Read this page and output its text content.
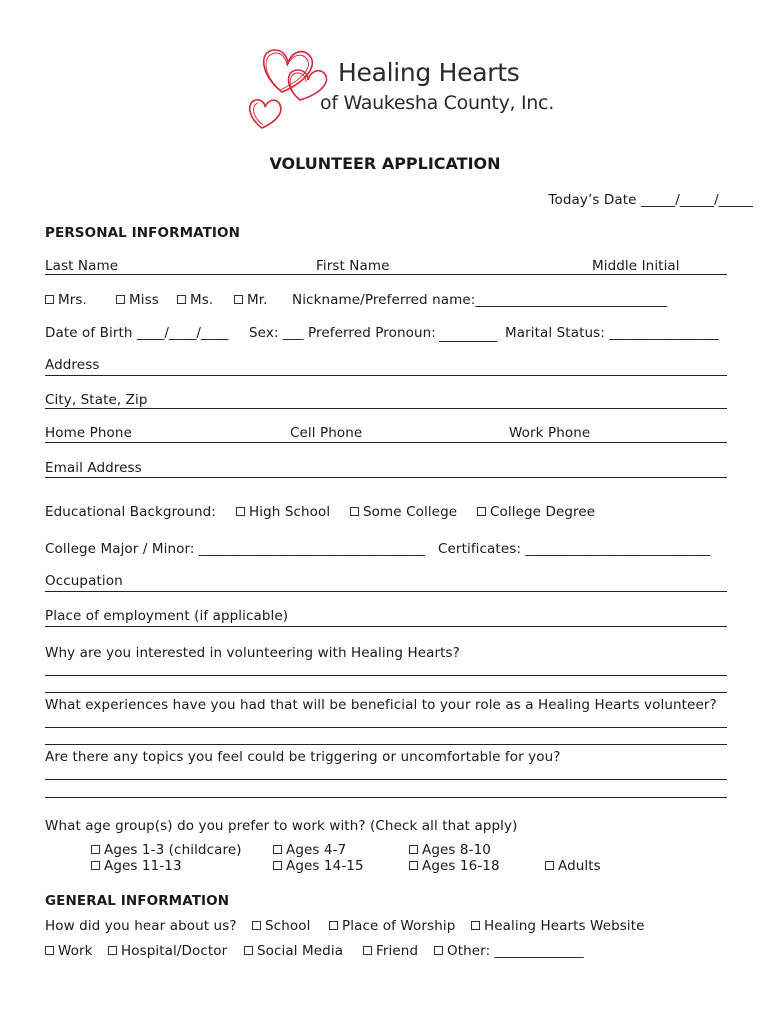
Healing Hearts
of Waukesha County, Inc.
VOLUNTEER APPLICATION
Today’s Date _____/_____/_____
PERSONAL INFORMATION
Last Name	First Name	Middle Initial
Mrs.	Miss	Ms.	Mr. Nickname/Preferred name:____________________________
Date of Birth ____/____/____ Sex: ___ Preferred Pronoun:	Marital Status: ________________
Address
City, State, Zip
Home Phone	Cell Phone	Work Phone
Email Address
Educational Background:	High School	Some College	College Degree
College Major / Minor: _________________________________ Certificates: ___________________________
Occupation
Place of employment (if applicable)
Why are you interested in volunteering with Healing Hearts?
What experiences have you had that will be beneficial to your role as a Healing Hearts volunteer?
Are there any topics you feel could be triggering or uncomfortable for you?
What age group(s) do you prefer to work with? (Check all that apply)
Ages 1-3 (childcare)	Ages 4-7	Ages 8-10
Ages 11-13	Ages 14-15	Ages 16-18	Adults
GENERAL INFORMATION
How did you hear about us?	School	Place of Worship	Healing Hearts Website
Work	Hospital/Doctor	Social Media	Friend	Other: _____________
